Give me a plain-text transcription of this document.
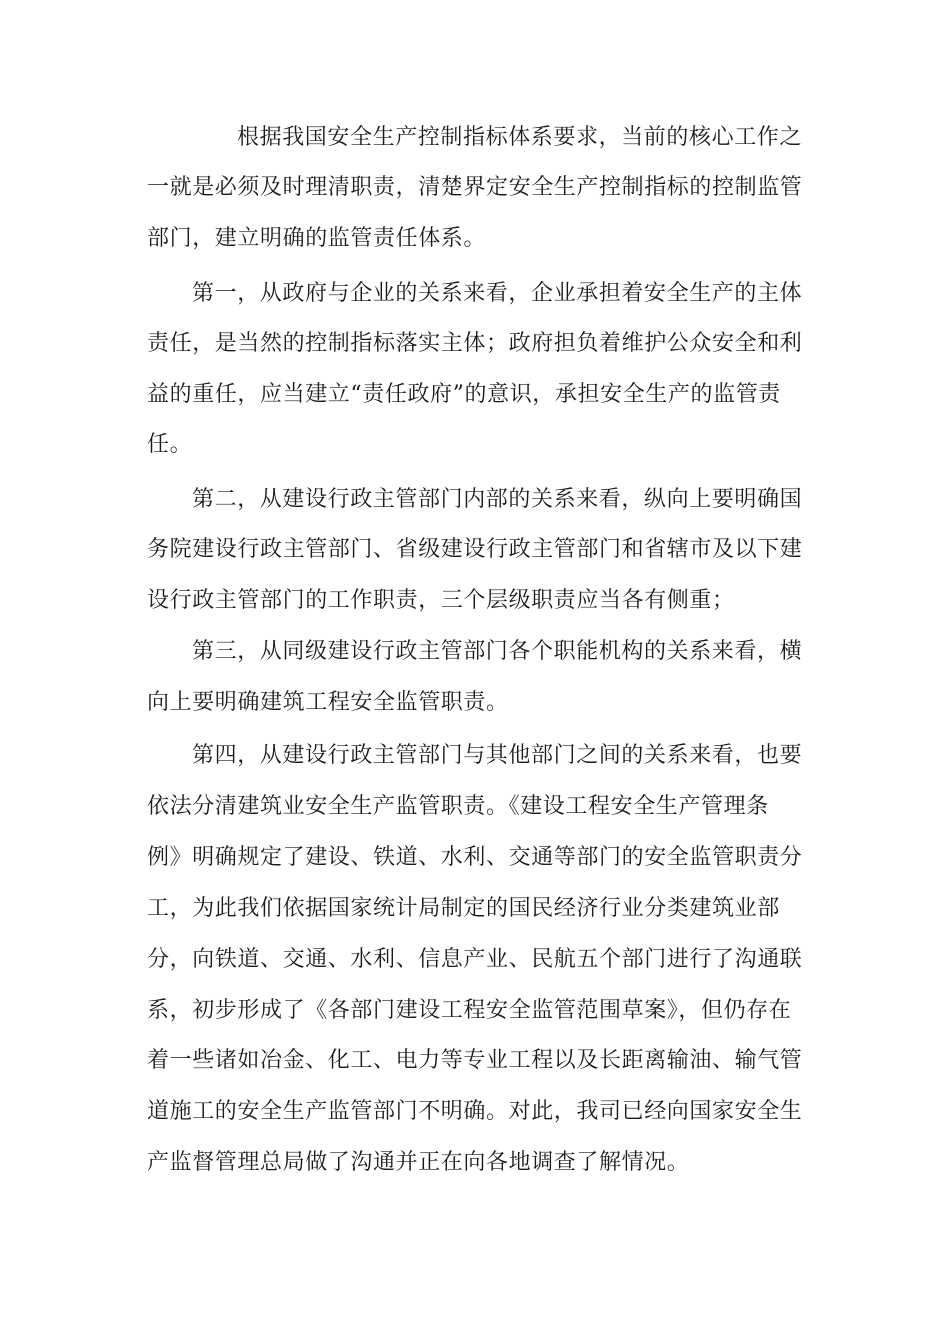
根据我国安全生产控制指标体系要求，当前的核心工作之
一就是必须及时理清职责，清楚界定安全生产控制指标的控制监管
部门，建立明确的监管责任体系。
第一，从政府与企业的关系来看，企业承担着安全生产的主体
责任，是当然的控制指标落实主体；政府担负着维护公众安全和利
益的重任，应当建立“责任政府”的意识，承担安全生产的监管责
任。
第二，从建设行政主管部门内部的关系来看，纵向上要明确国
务院建设行政主管部门、省级建设行政主管部门和省辖市及以下建
设行政主管部门的工作职责，三个层级职责应当各有侧重；
第三，从同级建设行政主管部门各个职能机构的关系来看，横
向上要明确建筑工程安全监管职责。
第四，从建设行政主管部门与其他部门之间的关系来看，也要
依法分清建筑业安全生产监管职责。《建设工程安全生产管理条
例》明确规定了建设、铁道、水利、交通等部门的安全监管职责分
工，为此我们依据国家统计局制定的国民经济行业分类建筑业部
分，向铁道、交通、水利、信息产业、民航五个部门进行了沟通联
系，初步形成了《各部门建设工程安全监管范围草案》，但仍存在
着一些诸如冶金、化工、电力等专业工程以及长距离输油、输气管
道施工的安全生产监管部门不明确。对此，我司已经向国家安全生
产监督管理总局做了沟通并正在向各地调查了解情况。
